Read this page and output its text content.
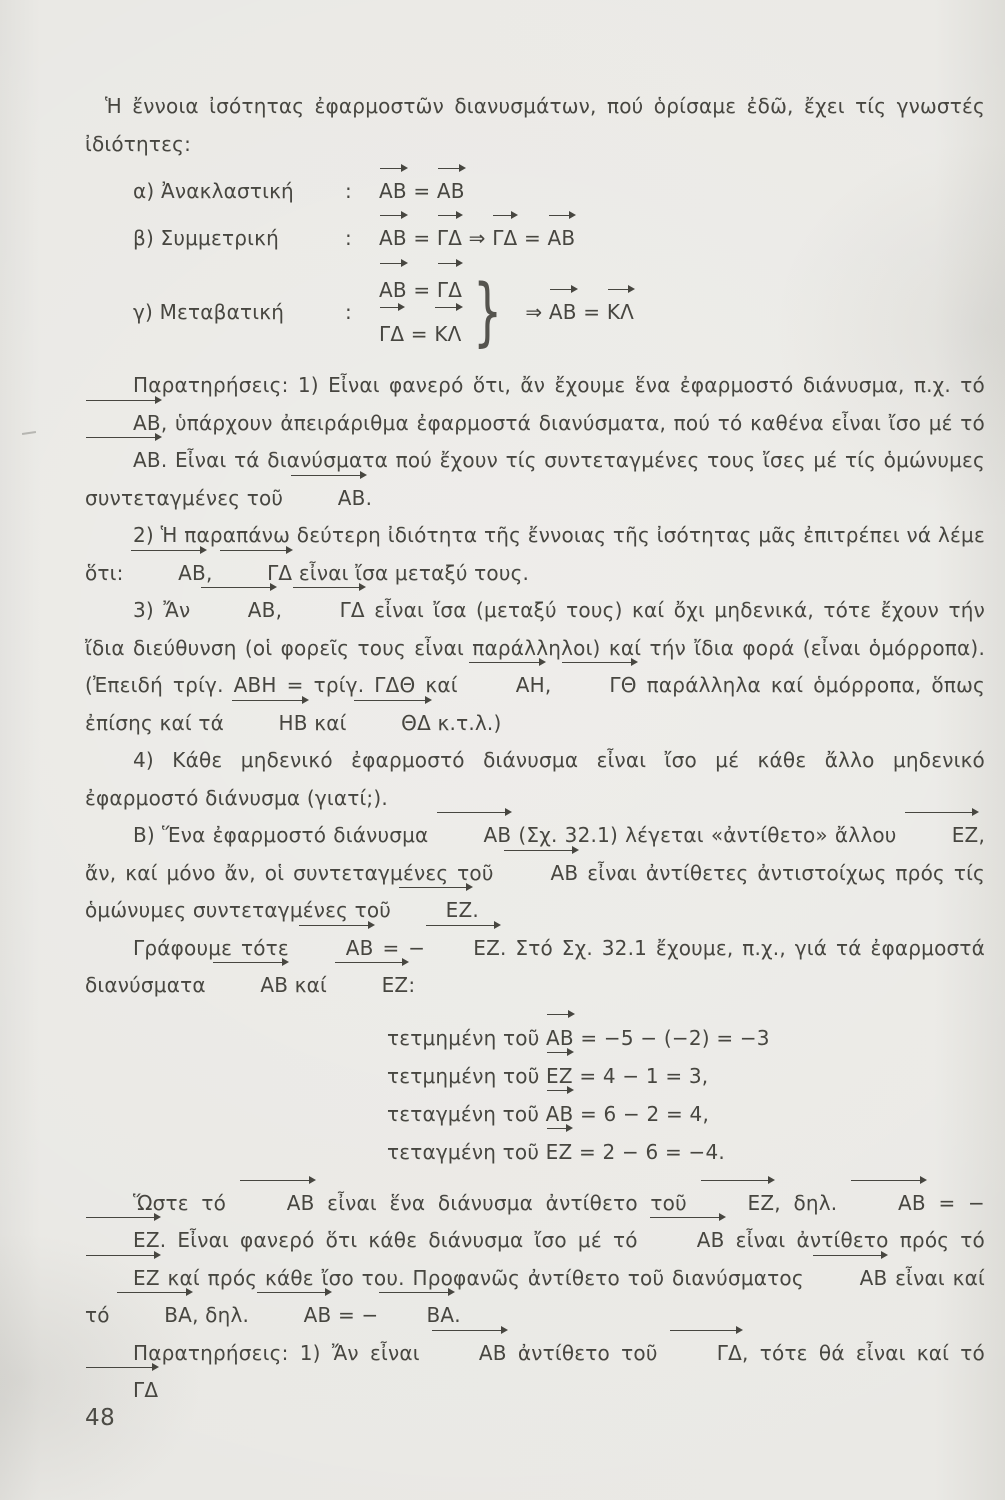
Ἡ ἔννοια ἰσότητας ἐφαρμοστῶν διανυσμάτων, πού ὁρίσαμε ἐδῶ, ἔχει τίς γνωστές ἰδιότητες:

α) Ἀνακλαστική	:	ΑΒ = ΑΒ
β) Συμμετρική	:	ΑΒ = ΓΔ ⇒ ΓΔ = ΑΒ
γ) Μεταβατική	:
ΑΒ = ΓΔ
ΓΔ = ΚΛ } ⇒ ΑΒ = ΚΛ

Παρατηρήσεις: 1) Εἶναι φανερό ὅτι, ἄν ἔχουμε ἕνα ἐφαρμοστό διάνυσμα, π.χ. τό ΑΒ, ὑπάρχουν ἀπειράριθμα ἐφαρμοστά διανύσματα, πού τό καθένα εἶναι ἴσο μέ τό ΑΒ. Εἶναι τά διανύσματα πού ἔχουν τίς συντεταγμένες τους ἴσες μέ τίς ὁμώνυμες συντεταγμένες τοῦ ΑΒ.

2) Ἡ παραπάνω δεύτερη ἰδιότητα τῆς ἔννοιας τῆς ἰσότητας μᾶς ἐπιτρέπει νά λέμε ὅτι: ΑΒ, ΓΔ εἶναι ἴσα μεταξύ τους.

3) Ἄν ΑΒ, ΓΔ εἶναι ἴσα (μεταξύ τους) καί ὄχι μηδενικά, τότε ἔχουν τήν ἴδια διεύθυνση (οἱ φορεῖς τους εἶναι παράλληλοι) καί τήν ἴδια φορά (εἶναι ὁμόρροπα). (Ἐπειδή τρίγ. ΑΒΗ = τρίγ. ΓΔΘ καί ΑΗ, ΓΘ παράλληλα καί ὁμόρροπα, ὅπως ἐπίσης καί τά ΗΒ καί ΘΔ κ.τ.λ.)

4) Κάθε μηδενικό ἐφαρμοστό διάνυσμα εἶναι ἴσο μέ κάθε ἄλλο μηδενικό ἐφαρμοστό διάνυσμα (γιατί;).

Β) Ἕνα ἐφαρμοστό διάνυσμα ΑΒ (Σχ. 32.1) λέγεται «ἀντίθετο» ἄλλου ΕΖ, ἄν, καί μόνο ἄν, οἱ συντεταγμένες τοῦ ΑΒ εἶναι ἀντίθετες ἀντιστοίχως πρός τίς ὁμώνυμες συντεταγμένες τοῦ ΕΖ.

Γράφουμε τότε ΑΒ = − ΕΖ. Στό Σχ. 32.1 ἔχουμε, π.χ., γιά τά ἐφαρμοστά διανύσματα ΑΒ καί ΕΖ:

τετμημένη τοῦ ΑΒ = −5 − (−2) = −3
τετμημένη τοῦ ΕΖ = 4 − 1 = 3,
τεταγμένη τοῦ ΑΒ = 6 − 2 = 4,
τεταγμένη τοῦ ΕΖ = 2 − 6 = −4.

Ὥστε τό ΑΒ εἶναι ἕνα διάνυσμα ἀντίθετο τοῦ ΕΖ, δηλ. ΑΒ = −ΕΖ. Εἶναι φανερό ὅτι κάθε διάνυσμα ἴσο μέ τό ΑΒ εἶναι ἀντίθετο πρός τό ΕΖ καί πρός κάθε ἴσο του. Προφανῶς ἀντίθετο τοῦ διανύσματος ΑΒ εἶναι καί τό ΒΑ, δηλ. ΑΒ = − ΒΑ.

Παρατηρήσεις: 1) Ἄν εἶναι ΑΒ ἀντίθετο τοῦ ΓΔ, τότε θά εἶναι καί τό ΓΔ

48
